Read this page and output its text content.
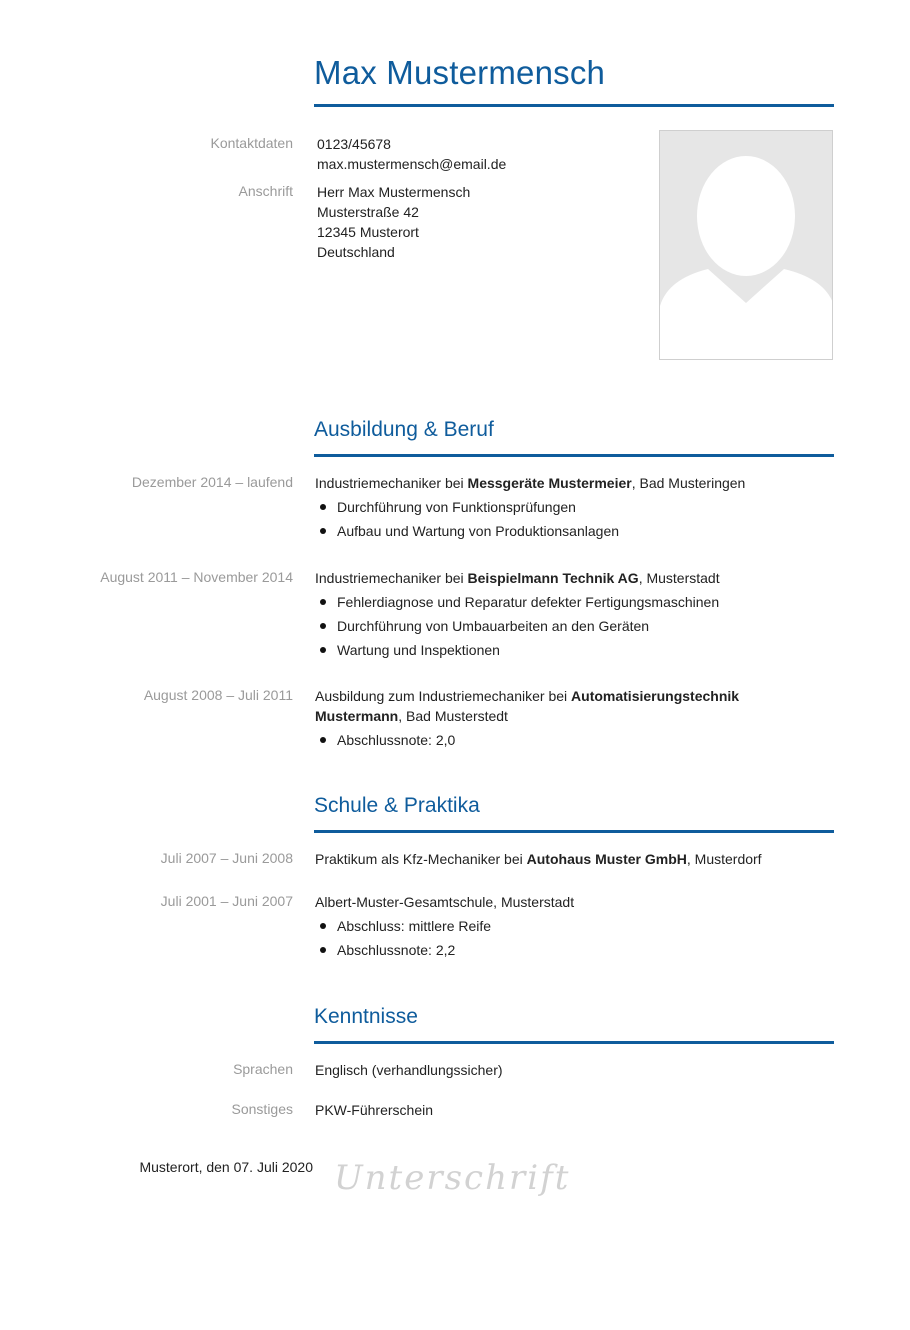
Max Mustermensch
Kontaktdaten 0123/45678
max.mustermensch@email.de
Anschrift Herr Max Mustermensch
Musterstraße 42
12345 Musterort
Deutschland
Ausbildung & Beruf
Dezember 2014 – laufend Industriemechaniker bei Messgeräte Mustermeier, Bad Musteringen
Durchführung von Funktionsprüfungen
Aufbau und Wartung von Produktionsanlagen
August 2011 – November 2014 Industriemechaniker bei Beispielmann Technik AG, Musterstadt
Fehlerdiagnose und Reparatur defekter Fertigungsmaschinen
Durchführung von Umbauarbeiten an den Geräten
Wartung und Inspektionen
August 2008 – Juli 2011 Ausbildung zum Industriemechaniker bei Automatisierungstechnik Mustermann, Bad Musterstedt
Abschlussnote: 2,0
Schule & Praktika
Juli 2007 – Juni 2008 Praktikum als Kfz-Mechaniker bei Autohaus Muster GmbH, Musterdorf
Juli 2001 – Juni 2007 Albert-Muster-Gesamtschule, Musterstadt
Abschluss: mittlere Reife
Abschlussnote: 2,2
Kenntnisse
Sprachen Englisch (verhandlungssicher)
Sonstiges PKW-Führerschein
Musterort, den 07. Juli 2020 Unterschrift
